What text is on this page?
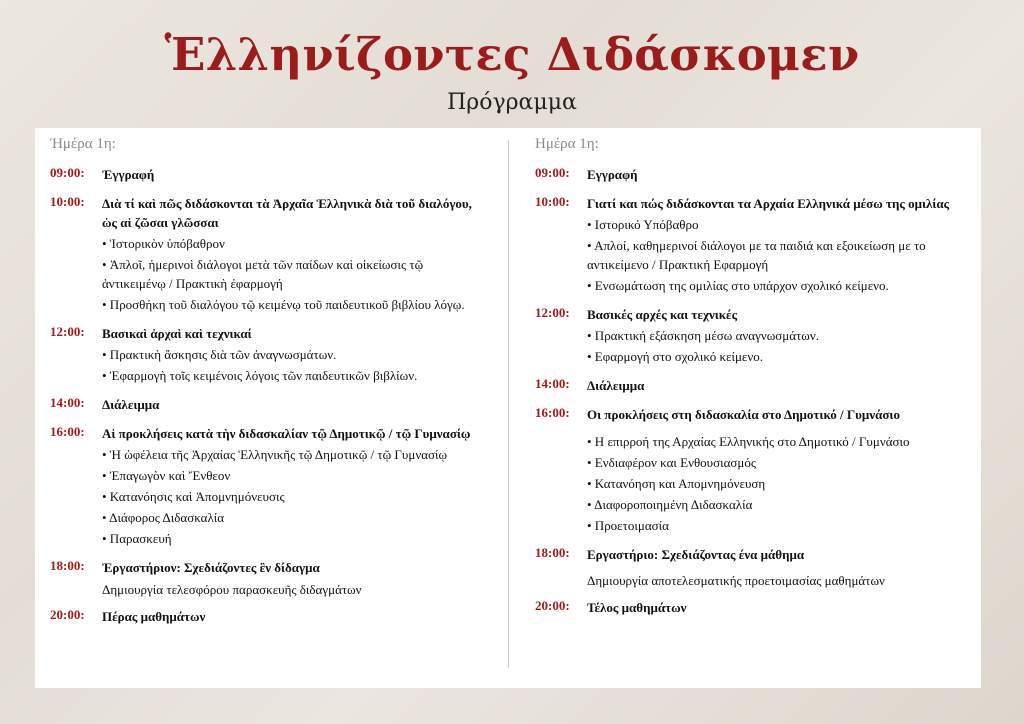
Ἑλληνίζοντες Διδάσκομεν
Πρόγραμμα
Ἡμέρα 1η:
09:00:	Ἐγγραφή
10:00:	Διὰ τί καὶ πῶς διδάσκονται τὰ Ἀρχαῖα Ἑλληνικὰ διὰ τοῦ διαλόγου, ὡς αἱ ζῶσαι γλῶσσαι
• Ἱστορικὸν ὑπόβαθρον
• Ἁπλοῖ, ἡμερινοὶ διάλογοι μετὰ τῶν παίδων καὶ οἰκείωσις τῷ ἀντικειμένῳ / Πρακτικὴ ἐφαρμογή
• Προσθήκη τοῦ διαλόγου τῷ κειμένῳ τοῦ παιδευτικοῦ βιβλίου λόγῳ.
12:00:	Βασικαὶ ἀρχαὶ καὶ τεχνικαί
• Πρακτικὴ ἄσκησις διὰ τῶν ἀναγνωσμάτων.
• Ἐφαρμογὴ τοῖς κειμένοις λόγοις τῶν παιδευτικῶν βιβλίων.
14:00:	Διάλειμμα
16:00:	Αἱ προκλήσεις κατὰ τὴν διδασκαλίαν τῷ Δημοτικῷ / τῷ Γυμνασίῳ
• Ἡ ὠφέλεια τῆς Ἀρχαίας Ἑλληνικῆς τῷ Δημοτικῷ / τῷ Γυμνασίῳ
• Ἐπαγωγὸν καὶ Ἔνθεον
• Κατανόησις καὶ Ἀπομνημόνευσις
• Διάφορος Διδασκαλία
• Παρασκευή
18:00:	Ἐργαστήριον: Σχεδιάζοντες ἓν δίδαγμα
Δημιουργία τελεσφόρου παρασκευῆς διδαγμάτων
20:00:	Πέρας μαθημάτων
Ημέρα 1η:
09:00:	Εγγραφή
10:00:	Γιατί και πώς διδάσκονται τα Αρχαία Ελληνικά μέσω της ομιλίας
• Ιστορικό Υπόβαθρο
• Απλοί, καθημερινοί διάλογοι με τα παιδιά και εξοικείωση με το αντικείμενο / Πρακτική Εφαρμογή
• Ενσωμάτωση της ομιλίας στο υπάρχον σχολικό κείμενο.
12:00:	Βασικές αρχές και τεχνικές
• Πρακτική εξάσκηση μέσω αναγνωσμάτων.
• Εφαρμογή στο σχολικό κείμενο.
14:00:	Διάλειμμα
16:00:	Οι προκλήσεις στη διδασκαλία στο Δημοτικό / Γυμνάσιο
• Η επιρροή της Αρχαίας Ελληνικής στο Δημοτικό / Γυμνάσιο
• Ενδιαφέρον και Ενθουσιασμός
• Κατανόηση και Απομνημόνευση
• Διαφοροποιημένη Διδασκαλία
• Προετοιμασία
18:00:	Εργαστήριο: Σχεδιάζοντας ένα μάθημα
Δημιουργία αποτελεσματικής προετοιμασίας μαθημάτων
20:00:	Τέλος μαθημάτων
